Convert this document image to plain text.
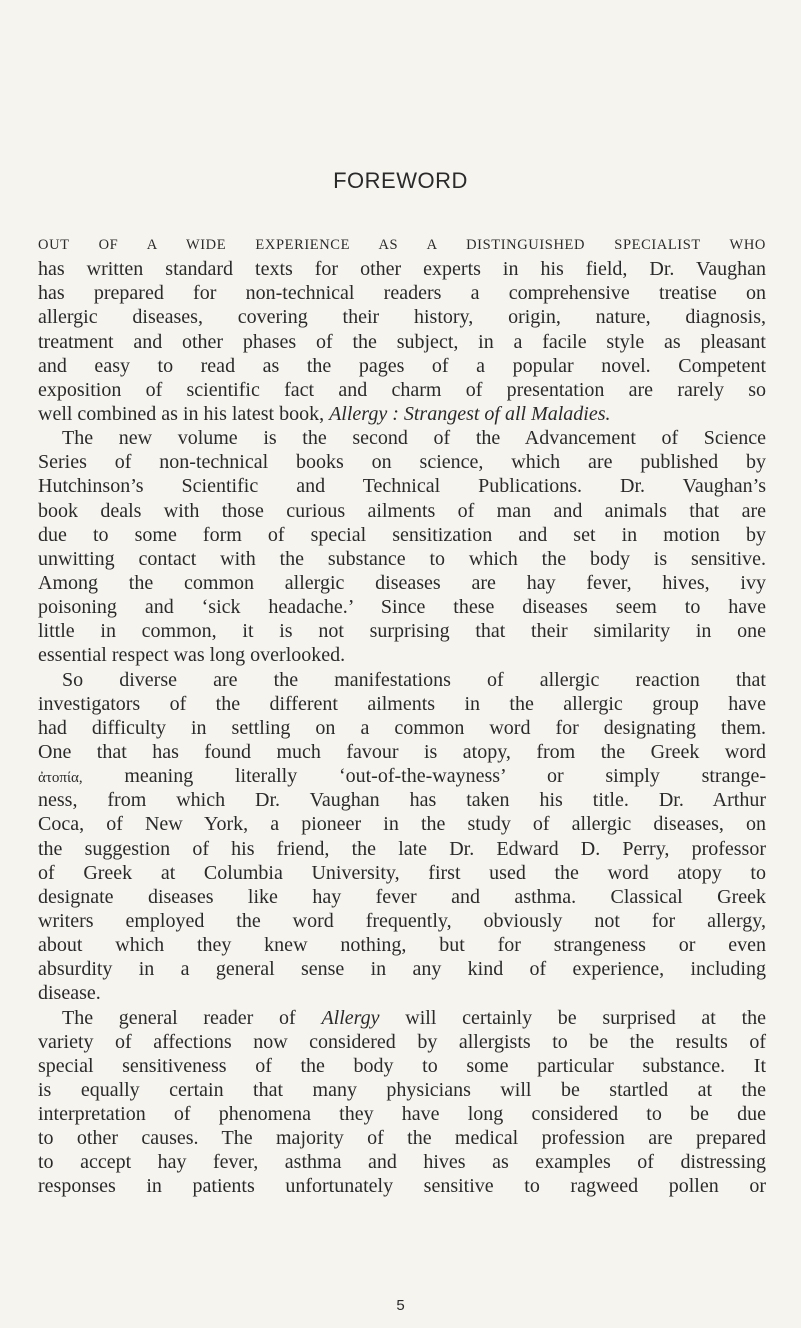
FOREWORD
OUT OF A WIDE EXPERIENCE AS A DISTINGUISHED SPECIALIST WHO
has written standard texts for other experts in his field, Dr. Vaughan
has prepared for non-technical readers a comprehensive treatise on
allergic diseases, covering their history, origin, nature, diagnosis,
treatment and other phases of the subject, in a facile style as pleasant
and easy to read as the pages of a popular novel. Competent
exposition of scientific fact and charm of presentation are rarely so
well combined as in his latest book, Allergy : Strangest of all Maladies.
The new volume is the second of the Advancement of Science
Series of non-technical books on science, which are published by
Hutchinson’s Scientific and Technical Publications. Dr. Vaughan’s
book deals with those curious ailments of man and animals that are
due to some form of special sensitization and set in motion by
unwitting contact with the substance to which the body is sensitive.
Among the common allergic diseases are hay fever, hives, ivy
poisoning and ‘sick headache.’ Since these diseases seem to have
little in common, it is not surprising that their similarity in one
essential respect was long overlooked.
So diverse are the manifestations of allergic reaction that
investigators of the different ailments in the allergic group have
had difficulty in settling on a common word for designating them.
One that has found much favour is atopy, from the Greek word
ἀτοπία, meaning literally ‘out-of-the-wayness’ or simply strange-
ness, from which Dr. Vaughan has taken his title. Dr. Arthur
Coca, of New York, a pioneer in the study of allergic diseases, on
the suggestion of his friend, the late Dr. Edward D. Perry, professor
of Greek at Columbia University, first used the word atopy to
designate diseases like hay fever and asthma. Classical Greek
writers employed the word frequently, obviously not for allergy,
about which they knew nothing, but for strangeness or even
absurdity in a general sense in any kind of experience, including
disease.
The general reader of Allergy will certainly be surprised at the
variety of affections now considered by allergists to be the results of
special sensitiveness of the body to some particular substance. It
is equally certain that many physicians will be startled at the
interpretation of phenomena they have long considered to be due
to other causes. The majority of the medical profession are prepared
to accept hay fever, asthma and hives as examples of distressing
responses in patients unfortunately sensitive to ragweed pollen or
5
